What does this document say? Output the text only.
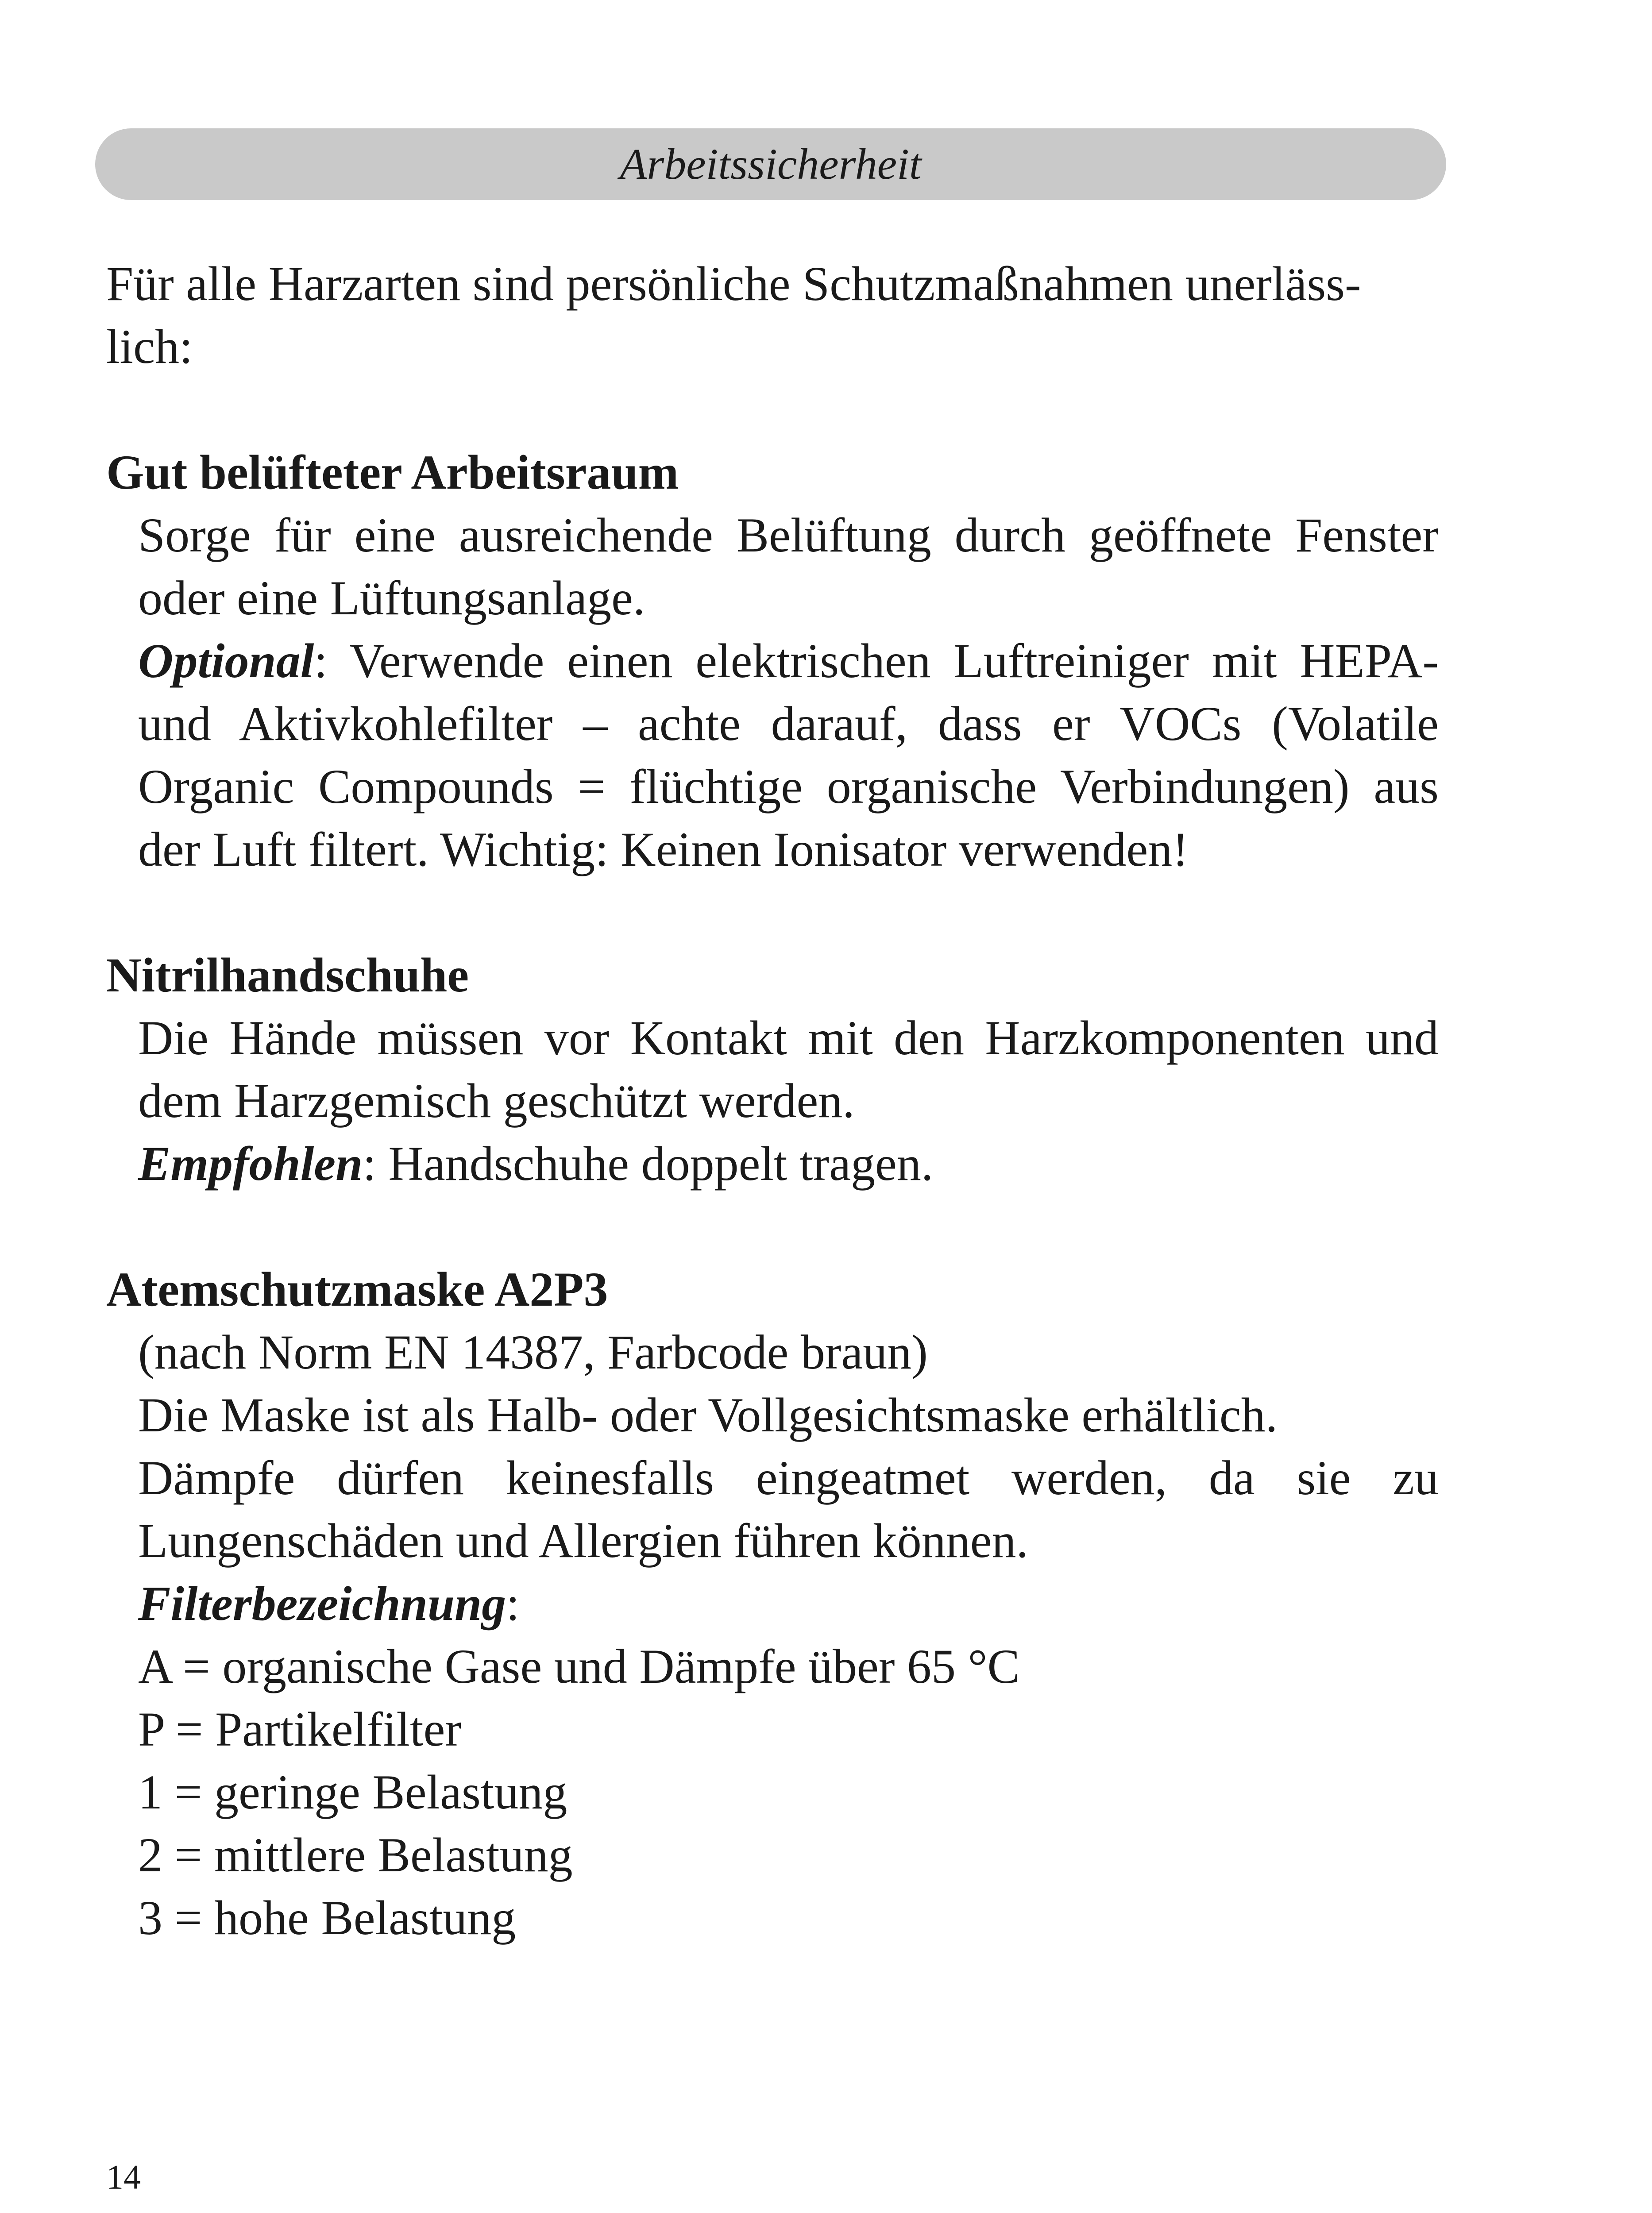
Arbeitssicherheit

Für alle Harzarten sind persönliche Schutzmaßnahmen unerläss-

lich:

Gut belüfteter Arbeitsraum

Sorge für eine ausreichende Belüftung durch geöffnete Fenster oder eine Lüftungsanlage.

Optional: Verwende einen elektrischen Luftreiniger mit HEPA- und Aktivkohlefilter – achte darauf, dass er VOCs (Volatile Organic Compounds = flüchtige organische Verbindungen) aus der Luft filtert. Wichtig: Keinen Ionisator verwenden!

Nitrilhandschuhe

Die Hände müssen vor Kontakt mit den Harzkomponenten und dem Harzgemisch geschützt werden.

Empfohlen: Handschuhe doppelt tragen.

Atemschutzmaske A2P3

(nach Norm EN 14387, Farbcode braun)

Die Maske ist als Halb- oder Vollgesichtsmaske erhältlich.

Dämpfe dürfen keinesfalls eingeatmet werden, da sie zu Lungenschäden und Allergien führen können.

Filterbezeichnung:

A = organische Gase und Dämpfe über 65 °C

P = Partikelfilter

1 = geringe Belastung

2 = mittlere Belastung

3 = hohe Belastung

14
